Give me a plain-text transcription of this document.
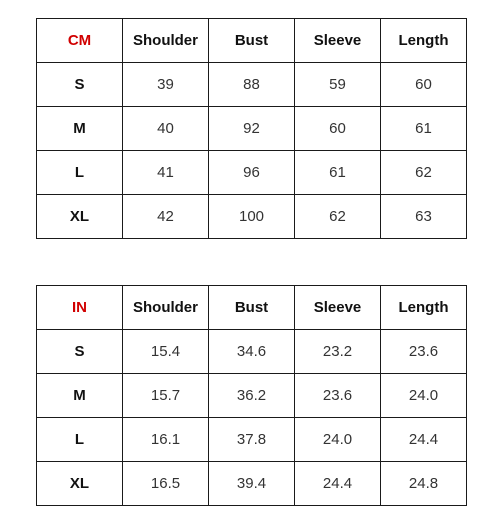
CM	Shoulder	Bust	Sleeve	Length
S	39	88	59	60
M	40	92	60	61
L	41	96	61	62
XL	42	100	62	63
IN	Shoulder	Bust	Sleeve	Length
S	15.4	34.6	23.2	23.6
M	15.7	36.2	23.6	24.0
L	16.1	37.8	24.0	24.4
XL	16.5	39.4	24.4	24.8
